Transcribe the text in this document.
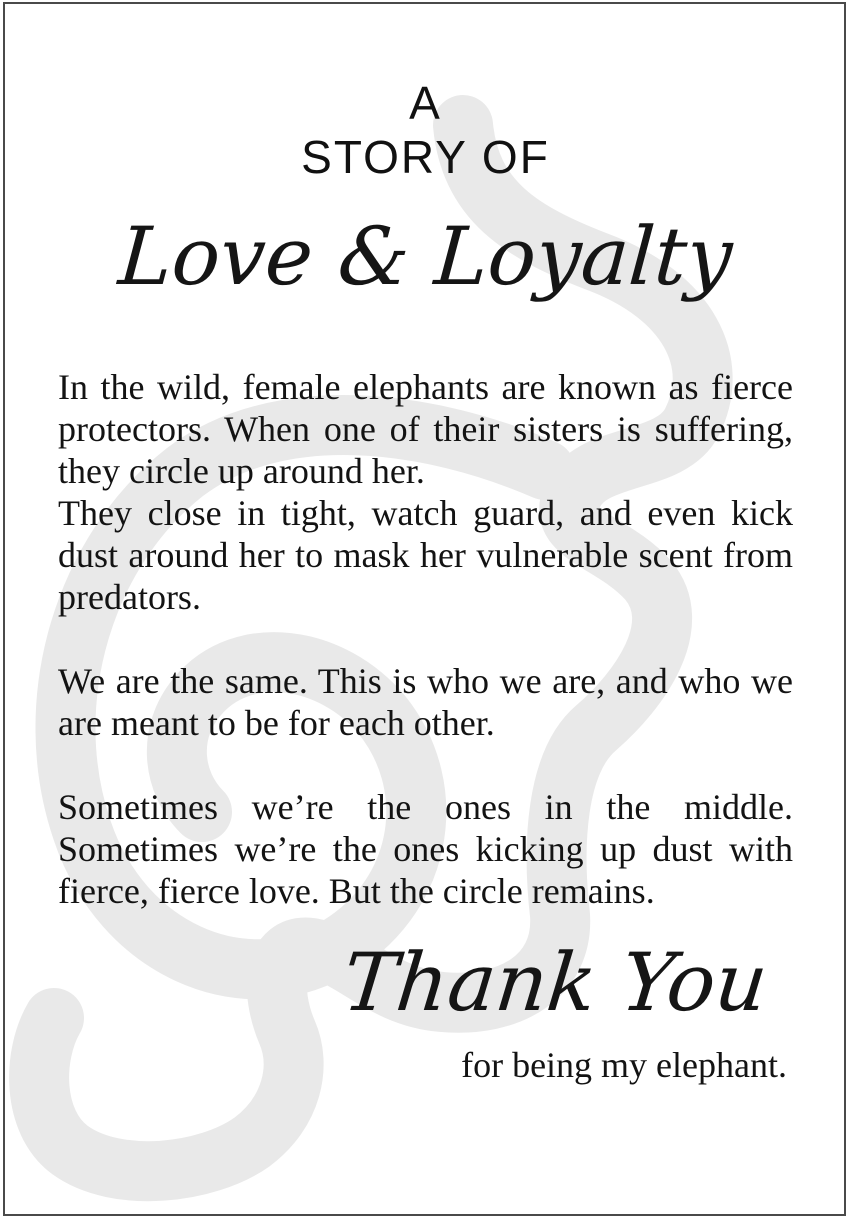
A
STORY OF
Love & Loyalty

In the wild, female elephants are known as fierce protectors. When one of their sisters is suffering, they circle up around her.

They close in tight, watch guard, and even kick dust around her to mask her vulnerable scent from predators.

We are the same. This is who we are, and who we are meant to be for each other.

Sometimes we’re the ones in the middle. Sometimes we’re the ones kicking up dust with fierce, fierce love. But the circle remains.

Thank You
for being my elephant.
